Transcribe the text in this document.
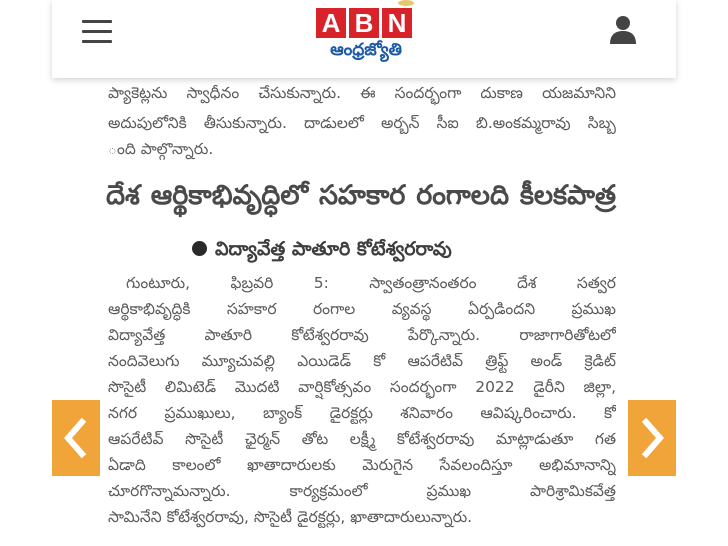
ప్యాకెట్లను స్వాధీనం చేసుకున్నారు. ఈ సందర్భంగా దుకాణ యజమానిని
అదుపులోనికి తీసుకున్నారు. దాడులలో అర్బన్ సీఐ బి.అంకమ్మరావు సిబ్బ
ంది పాల్గొన్నారు.
దేశ ఆర్థికాభివృద్ధిలో సహకార రంగాలది కీలకపాత్ర
విద్యావేత్త పాతూరి కోటేశ్వరరావు
గుంటూరు, ఫిబ్రవరి 5: స్వాతంత్రానంతరం దేశ సత్వర
ఆర్థికాభివృద్ధికి సహకార రంగాల వ్యవస్థ ఏర్పడిందని ప్రముఖ
విద్యావేత్త పాతూరి కోటేశ్వరరావు పేర్కొన్నారు. రాజాగారితోటలో
నందివెలుగు మ్యూచువల్లి ఎయిడెడ్ కో ఆపరేటివ్ త్రిఫ్ట్ అండ్ క్రెడిట్
సొసైటీ లిమిటెడ్ మొదటి వార్షికోత్సవం సందర్భంగా 2022 డైరీని జిల్లా,
నగర ప్రముఖులు, బ్యాంక్ డైరక్టర్లు శనివారం ఆవిష్కరించారు. కో
ఆపరేటివ్ సొసైటీ ఛైర్మన్ తోట లక్ష్మీ కోటేశ్వరరావు మాట్లాడుతూ గత
ఏడాది కాలంలో ఖాతాదారులకు మెరుగైన సేవలందిస్తూ అభిమానాన్ని
చూరగొన్నామన్నారు. కార్యక్రమంలో ప్రముఖ పారిశ్రామికవేత్త
సామినేని కోటేశ్వరరావు, సొసైటీ డైరక్టర్లు, ఖాతాదారులున్నారు.
A B N
ఆంధ్రజ్యోతి
